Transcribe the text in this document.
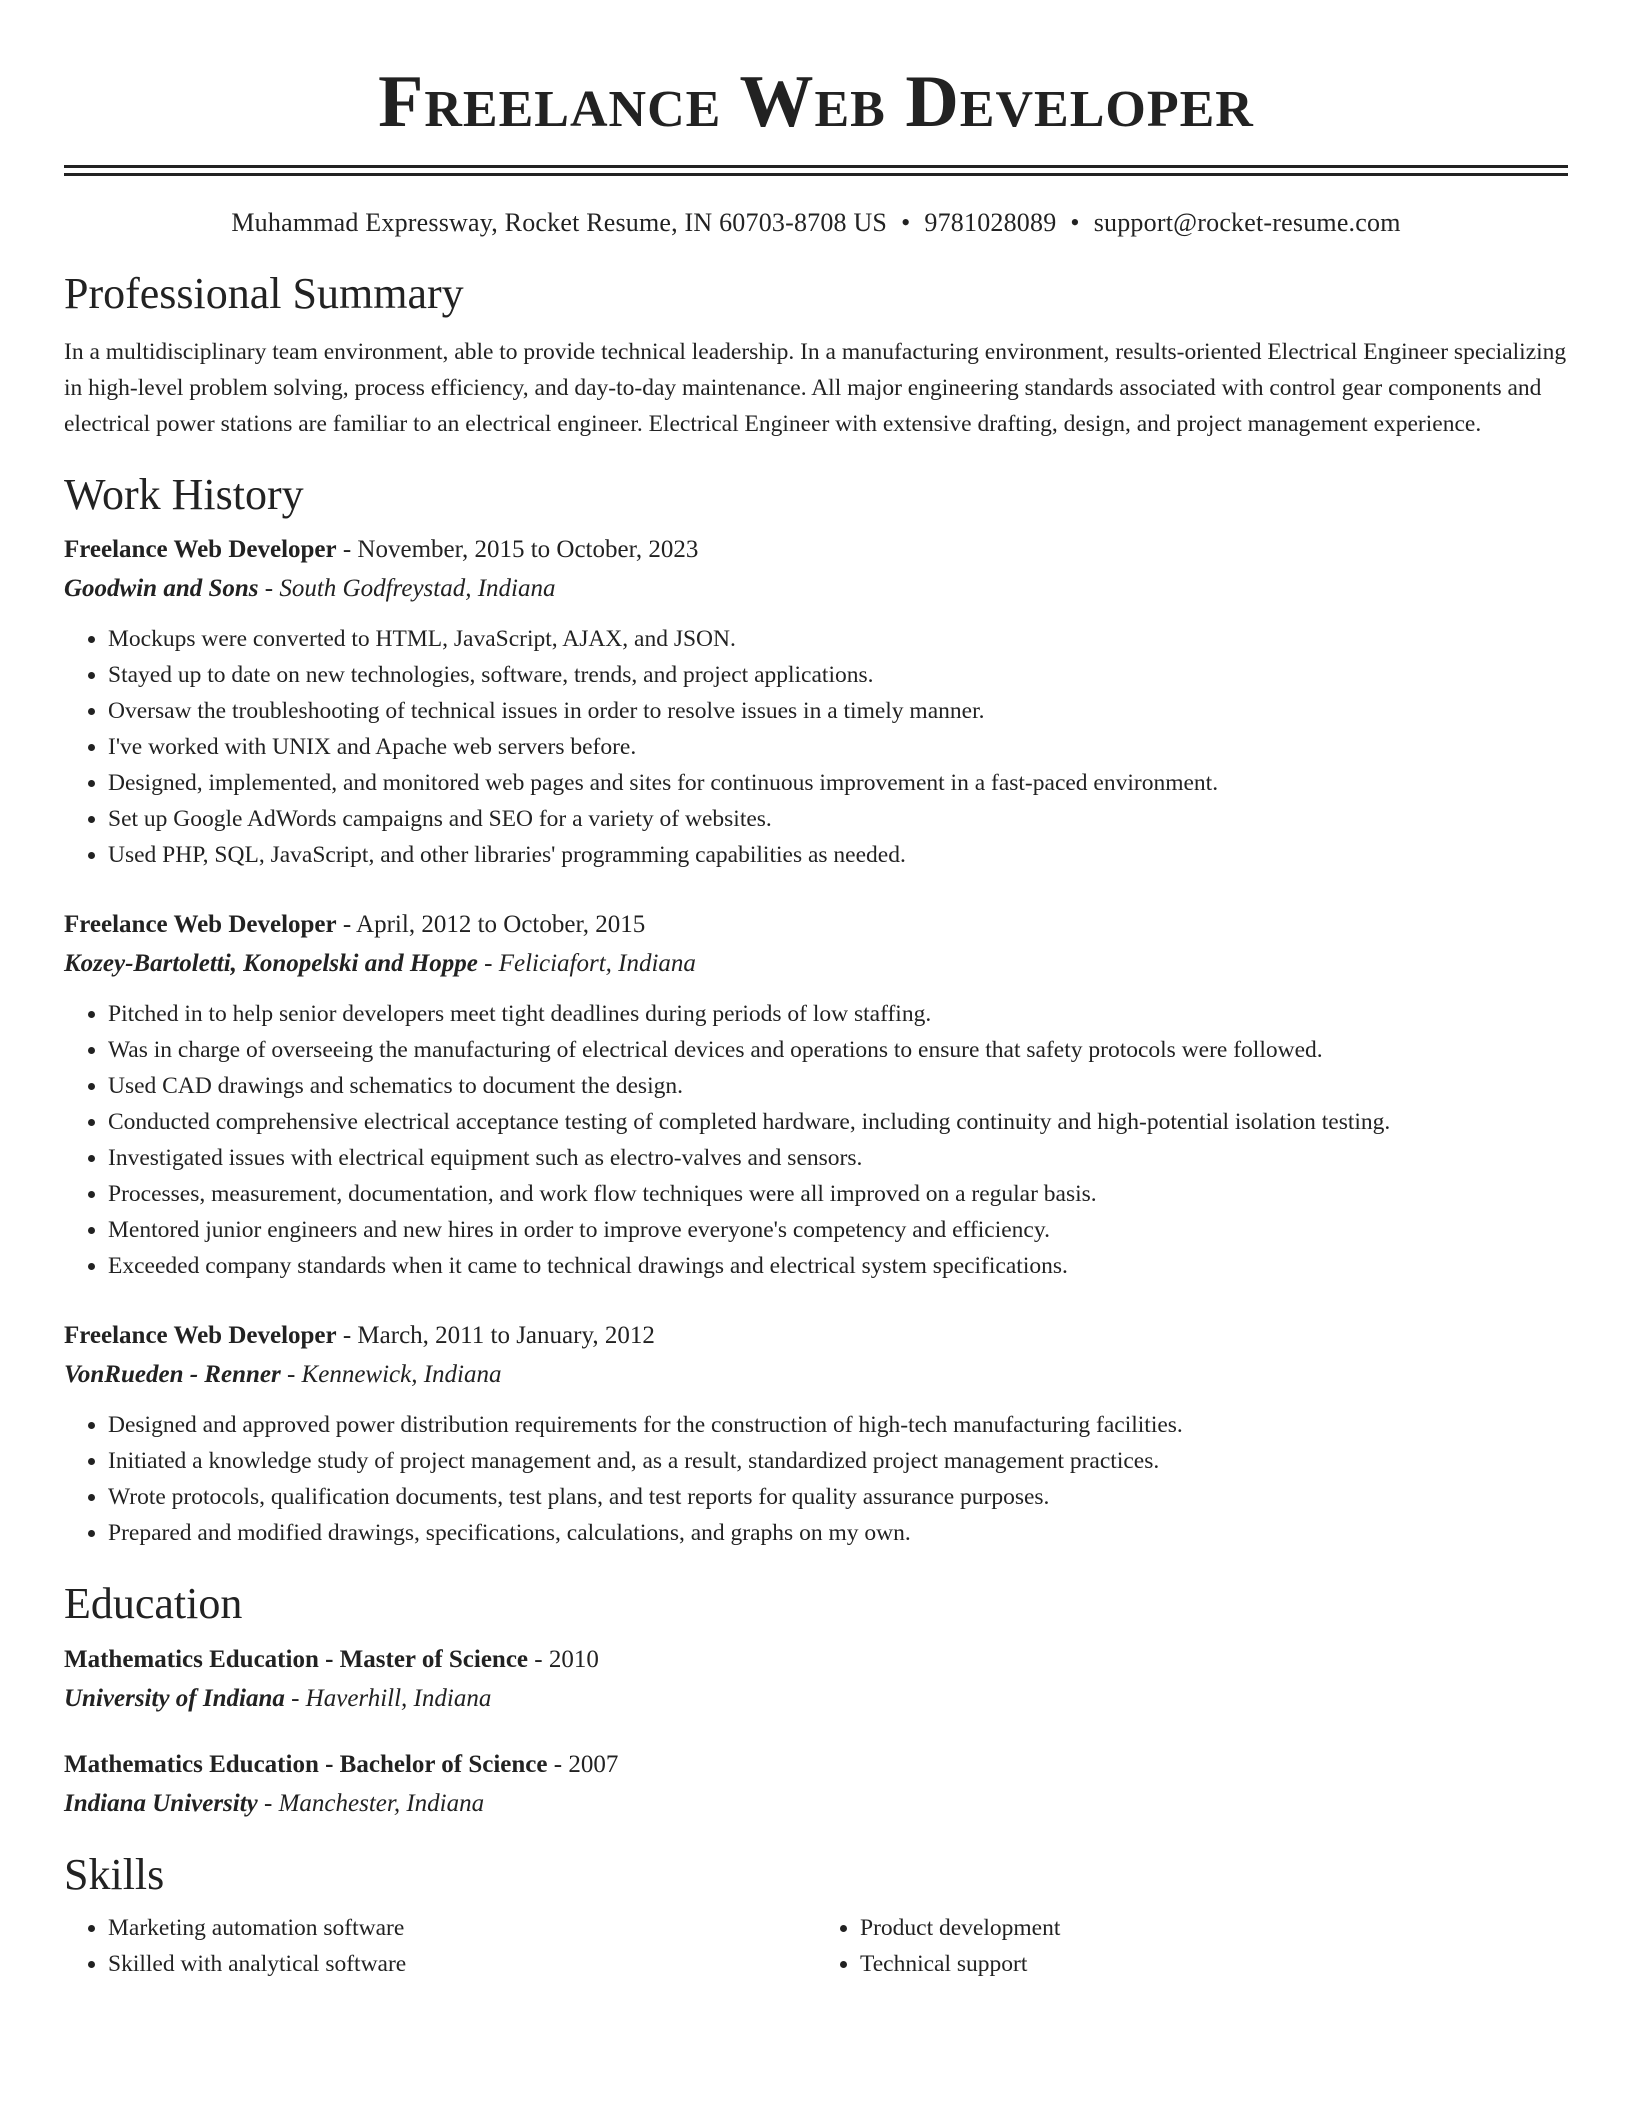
Freelance Web Developer
Muhammad Expressway, Rocket Resume, IN 60703-8708 US • 9781028089 • support@rocket-resume.com
Professional Summary
In a multidisciplinary team environment, able to provide technical leadership. In a manufacturing environment, results-oriented Electrical Engineer specializing in high-level problem solving, process efficiency, and day-to-day maintenance. All major engineering standards associated with control gear components and electrical power stations are familiar to an electrical engineer. Electrical Engineer with extensive drafting, design, and project management experience.
Work History
Freelance Web Developer - November, 2015 to October, 2023
Goodwin and Sons - South Godfreystad, Indiana
• Mockups were converted to HTML, JavaScript, AJAX, and JSON.
• Stayed up to date on new technologies, software, trends, and project applications.
• Oversaw the troubleshooting of technical issues in order to resolve issues in a timely manner.
• I've worked with UNIX and Apache web servers before.
• Designed, implemented, and monitored web pages and sites for continuous improvement in a fast-paced environment.
• Set up Google AdWords campaigns and SEO for a variety of websites.
• Used PHP, SQL, JavaScript, and other libraries' programming capabilities as needed.
Freelance Web Developer - April, 2012 to October, 2015
Kozey-Bartoletti, Konopelski and Hoppe - Feliciafort, Indiana
• Pitched in to help senior developers meet tight deadlines during periods of low staffing.
• Was in charge of overseeing the manufacturing of electrical devices and operations to ensure that safety protocols were followed.
• Used CAD drawings and schematics to document the design.
• Conducted comprehensive electrical acceptance testing of completed hardware, including continuity and high-potential isolation testing.
• Investigated issues with electrical equipment such as electro-valves and sensors.
• Processes, measurement, documentation, and work flow techniques were all improved on a regular basis.
• Mentored junior engineers and new hires in order to improve everyone's competency and efficiency.
• Exceeded company standards when it came to technical drawings and electrical system specifications.
Freelance Web Developer - March, 2011 to January, 2012
VonRueden - Renner - Kennewick, Indiana
• Designed and approved power distribution requirements for the construction of high-tech manufacturing facilities.
• Initiated a knowledge study of project management and, as a result, standardized project management practices.
• Wrote protocols, qualification documents, test plans, and test reports for quality assurance purposes.
• Prepared and modified drawings, specifications, calculations, and graphs on my own.
Education
Mathematics Education - Master of Science - 2010
University of Indiana - Haverhill, Indiana
Mathematics Education - Bachelor of Science - 2007
Indiana University - Manchester, Indiana
Skills
• Marketing automation software
• Skilled with analytical software
• Product development
• Technical support
